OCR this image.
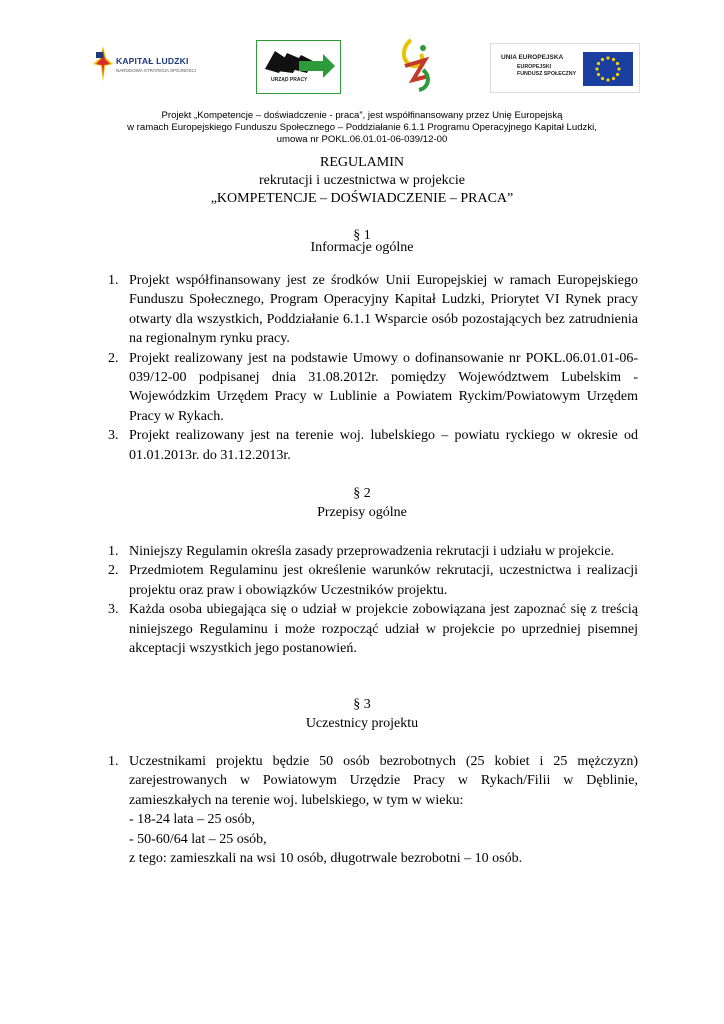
KAPITAŁ LUDZKI
NARODOWA STRATEGIA SPÓJNOŚCI
URZĄD PRACY
UNIA EUROPEJSKA
EUROPEJSKI
FUNDUSZ SPOŁECZNY
Projekt „Kompetencje – doświadczenie - praca”, jest współfinansowany przez Unię Europejską
w ramach Europejskiego Funduszu Społecznego – Poddziałanie 6.1.1 Programu Operacyjnego Kapitał Ludzki,
umowa nr POKL.06.01.01-06-039/12-00
REGULAMIN
rekrutacji i uczestnictwa w projekcie
„KOMPETENCJE – DOŚWIADCZENIE – PRACA”
§ 1
Informacje ogólne
1. Projekt współfinansowany jest ze środków Unii Europejskiej w ramach Europejskiego Funduszu Społecznego, Program Operacyjny Kapitał Ludzki, Priorytet VI Rynek pracy otwarty dla wszystkich, Poddziałanie 6.1.1 Wsparcie osób pozostających bez zatrudnienia na regionalnym rynku pracy.
2. Projekt realizowany jest na podstawie Umowy o dofinansowanie nr POKL.06.01.01-06-039/12-00 podpisanej dnia 31.08.2012r. pomiędzy Województwem Lubelskim - Wojewódzkim Urzędem Pracy w Lublinie a Powiatem Ryckim/Powiatowym Urzędem Pracy w Rykach.
3. Projekt realizowany jest na terenie woj. lubelskiego – powiatu ryckiego w okresie od 01.01.2013r. do 31.12.2013r.
§ 2
Przepisy ogólne
1. Niniejszy Regulamin określa zasady przeprowadzenia rekrutacji i udziału w projekcie.
2. Przedmiotem Regulaminu jest określenie warunków rekrutacji, uczestnictwa i realizacji projektu oraz praw i obowiązków Uczestników projektu.
3. Każda osoba ubiegająca się o udział w projekcie zobowiązana jest zapoznać się z treścią niniejszego Regulaminu i może rozpocząć udział w projekcie po uprzedniej pisemnej akceptacji wszystkich jego postanowień.
§ 3
Uczestnicy projektu
1. Uczestnikami projektu będzie 50 osób bezrobotnych (25 kobiet i 25 mężczyzn) zarejestrowanych w Powiatowym Urzędzie Pracy w Rykach/Filii w Dęblinie, zamieszkałych na terenie woj. lubelskiego, w tym w wieku:
- 18-24 lata – 25 osób,
- 50-60/64 lat – 25 osób,
z tego: zamieszkali na wsi 10 osób, długotrwale bezrobotni – 10 osób.
